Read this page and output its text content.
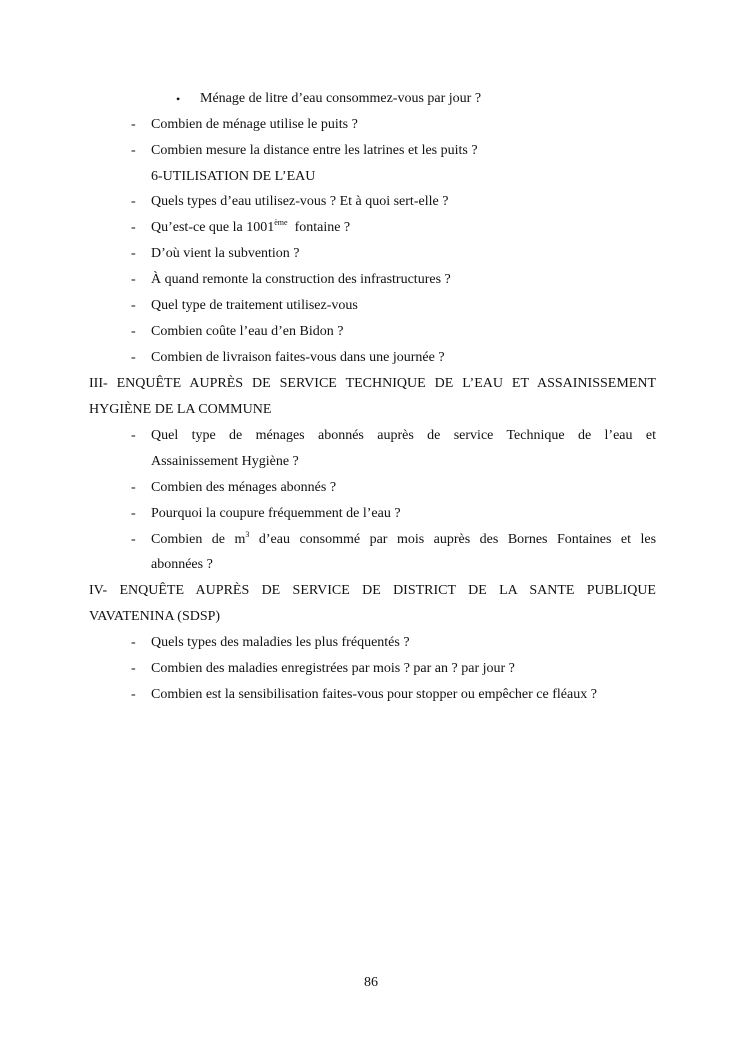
• Ménage de litre d’eau consommez-vous par jour ?
- Combien de ménage utilise le puits ?
- Combien mesure la distance entre les latrines et les puits ?
6-UTILISATION DE L’EAU
- Quels types d’eau utilisez-vous ? Et à quoi sert-elle ?
- Qu’est-ce que la 1001ème fontaine ?
- D’où vient la subvention ?
- À quand remonte la construction des infrastructures ?
- Quel type de traitement utilisez-vous
- Combien coûte l’eau d’en Bidon ?
- Combien de livraison faites-vous dans une journée ?
III- ENQUÊTE AUPRÈS DE SERVICE TECHNIQUE DE L’EAU ET ASSAINISSEMENT
HYGIÈNE DE LA COMMUNE
- Quel type de ménages abonnés auprès de service Technique de l’eau et
Assainissement Hygiène ?
- Combien des ménages abonnés ?
- Pourquoi la coupure fréquemment de l’eau ?
- Combien de $m^3$ d’eau consommé par mois auprès des Bornes Fontaines et les
abonnées ?
IV- ENQUÊTE AUPRÈS DE SERVICE DE DISTRICT DE LA SANTE PUBLIQUE
VAVATENINA (SDSP)
- Quels types des maladies les plus fréquentés ?
- Combien des maladies enregistrées par mois ? par an ? par jour ?
- Combien est la sensibilisation faites-vous pour stopper ou empêcher ce fléaux ?
86
